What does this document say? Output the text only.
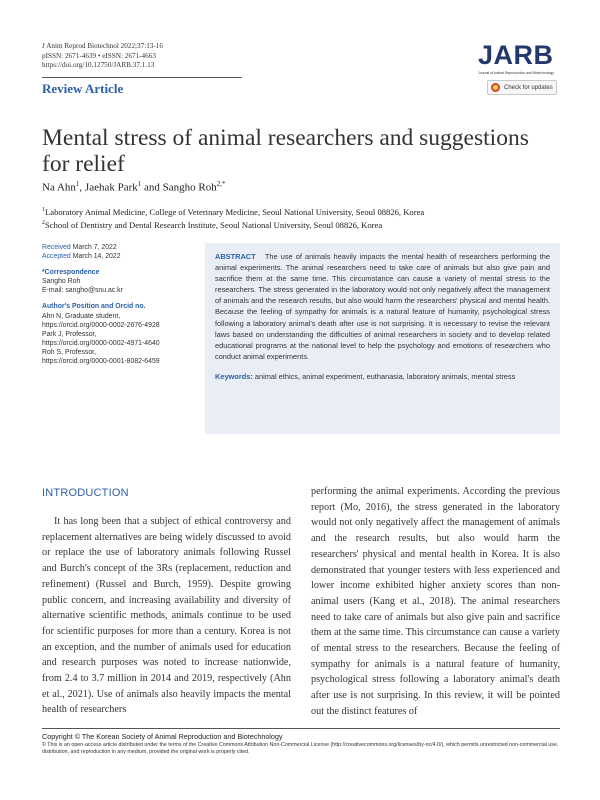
J Anim Reprod Biotechnol 2022;37:13-16
pISSN: 2671-4639 • eISSN: 2671-4663
https://doi.org/10.12750/JARB.37.1.13
Review Article
JARB
Journal of Animal Reproduction and Biotechnology
Check for updates
Mental stress of animal researchers and suggestions for relief
Na Ahn$^1$, Jaehak Park$^1$ and Sangho Roh$^{2,*}$
$^1$Laboratory Animal Medicine, College of Veterinary Medicine, Seoul National University, Seoul 08826, Korea
$^2$School of Dentistry and Dental Research Institute, Seoul National University, Seoul 08826, Korea
Received March 7, 2022
Accepted March 14, 2022
*Correspondence
Sangho Roh
E-mail: sangho@snu.ac.kr
Author's Position and Orcid no.
Ahn N, Graduate student,
https://orcid.org/0000-0002-2676-4928
Park J, Professor,
https://orcid.org/0000-0002-4971-4640
Roh S, Professor,
https://orcid.org/0000-0001-8082-6459
ABSTRACT The use of animals heavily impacts the mental health of researchers performing the animal experiments. The animal researchers need to take care of animals but also give pain and sacrifice them at the same time. This circumstance can cause a variety of mental stress to the researchers. The stress generated in the laboratory would not only negatively affect the management of animals and the research results, but also would harm the researchers' physical and mental health. Because the feeling of sympathy for animals is a natural feature of humanity, psychological stress following a laboratory animal's death after use is not surprising. It is necessary to revise the relevant laws based on understanding the difficulties of animal researchers in society and to develop related educational programs at the national level to help the psychology and emotions of researchers who conduct animal experiments.
Keywords: animal ethics, animal experiment, euthanasia, laboratory animals, mental stress
INTRODUCTION
It has long been that a subject of ethical controversy and replacement alternatives are being widely discussed to avoid or replace the use of laboratory animals following Russel and Burch's concept of the 3Rs (replacement, reduction and refinement) (Russel and Burch, 1959). Despite growing public concern, and increasing availability and diversity of alternative scientific methods, animals continue to be used for scientific purposes for more than a century. Korea is not an exception, and the number of animals used for education and research purposes was noted to increase nationwide, from 2.4 to 3.7 million in 2014 and 2019, respectively (Ahn et al., 2021). Use of animals also heavily impacts the mental health of researchers
performing the animal experiments. According the previous report (Mo, 2016), the stress generated in the laboratory would not only negatively affect the management of animals and the research results, but also would harm the researchers' physical and mental health in Korea. It is also demonstrated that younger testers with less experienced and lower income exhibited higher anxiety scores than non-animal users (Kang et al., 2018). The animal researchers need to take care of animals but also give pain and sacrifice them at the same time. This circumstance can cause a variety of mental stress to the researchers. Because the feeling of sympathy for animals is a natural feature of humanity, psychological stress following a laboratory animal's death after use is not surprising. In this review, it will be pointed out the distinct features of
Copyright © The Korean Society of Animal Reproduction and Biotechnology
© This is an open-access article distributed under the terms of the Creative Commons Attribution Non-Commercial License (http://creativecommons.org/licenses/by-nc/4.0/), which permits unrestricted non-commercial use, distribution, and reproduction in any medium, provided the original work is properly cited.
